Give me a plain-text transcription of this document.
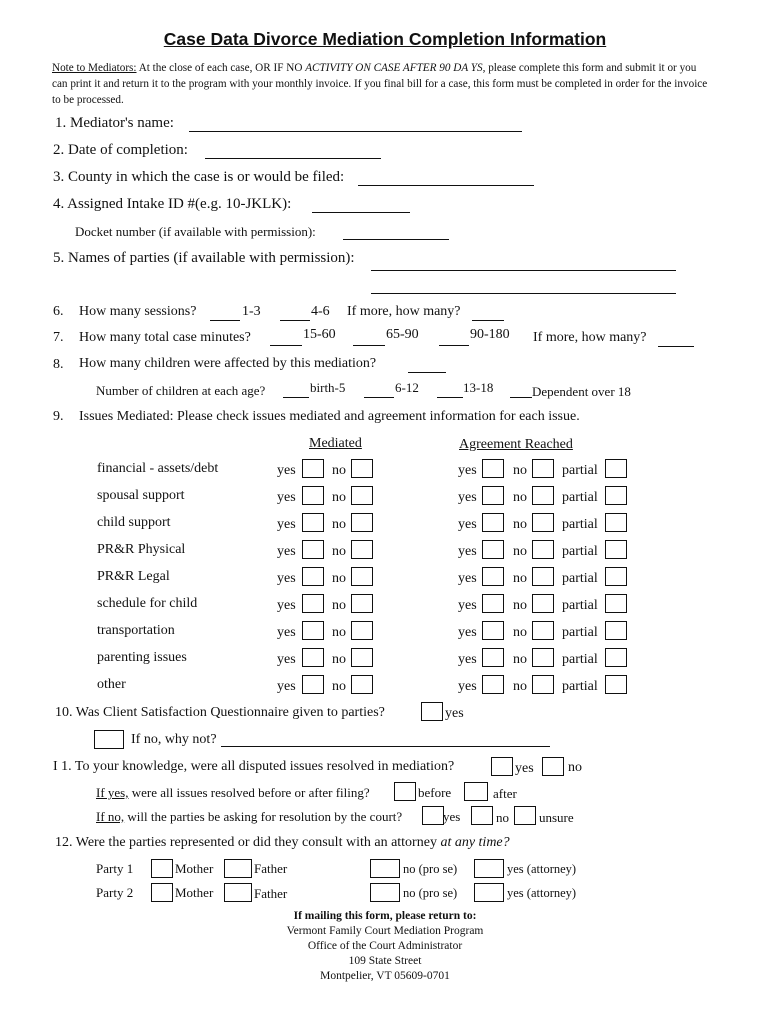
Case Data Divorce Mediation Completion Information
Note to Mediators: At the close of each case, OR IF NO ACTIVITY ON CASE AFTER 90 DA YS, please complete this form and submit it or you can print it and return it to the program with your monthly invoice. If you final bill for a case, this form must be completed in order for the invoice to be processed.
1. Mediator's name:
2. Date of completion:
3. County in which the case is or would be filed:
4. Assigned Intake ID #(e.g. 10-JKLK):
Docket number (if available with permission):
5. Names of parties (if available with permission):
6. How many sessions?	1-3	4-6 If more, how many?
7. How many total case minutes?	15-60	65-90	90-180 If more, how many?
8. How many children were affected by this mediation?
Number of children at each age?	birth-5	6-12	13-18	Dependent over 18
9. Issues Mediated: Please check issues mediated and agreement information for each issue.
Mediated	Agreement Reached
financial - assets/debt	yes	no	yes	no	partial
spousal support	yes	no	yes	no	partial
child support	yes	no	yes	no	partial
PR&R Physical	yes	no	yes	no	partial
PR&R Legal	yes	no	yes	no	partial
schedule for child	yes	no	yes	no	partial
transportation	yes	no	yes	no	partial
parenting issues	yes	no	yes	no	partial
other	yes	no	yes	no	partial
10. Was Client Satisfaction Questionnaire given to parties?	yes
If no, why not?
I 1. To your knowledge, were all disputed issues resolved in mediation?	yes no
If yes, were all issues resolved before or after filing?	before	after
If no, will the parties be asking for resolution by the court?	yes	no unsure
12. Were the parties represented or did they consult with an attorney at any time?
Party 1	Mother	Father	no (pro se)	yes (attorney)
Party 2	Mother	Father	no (pro se)	yes (attorney)
If mailing this form, please return to:
Vermont Family Court Mediation Program
Office of the Court Administrator
109 State Street
Montpelier, VT 05609-0701
